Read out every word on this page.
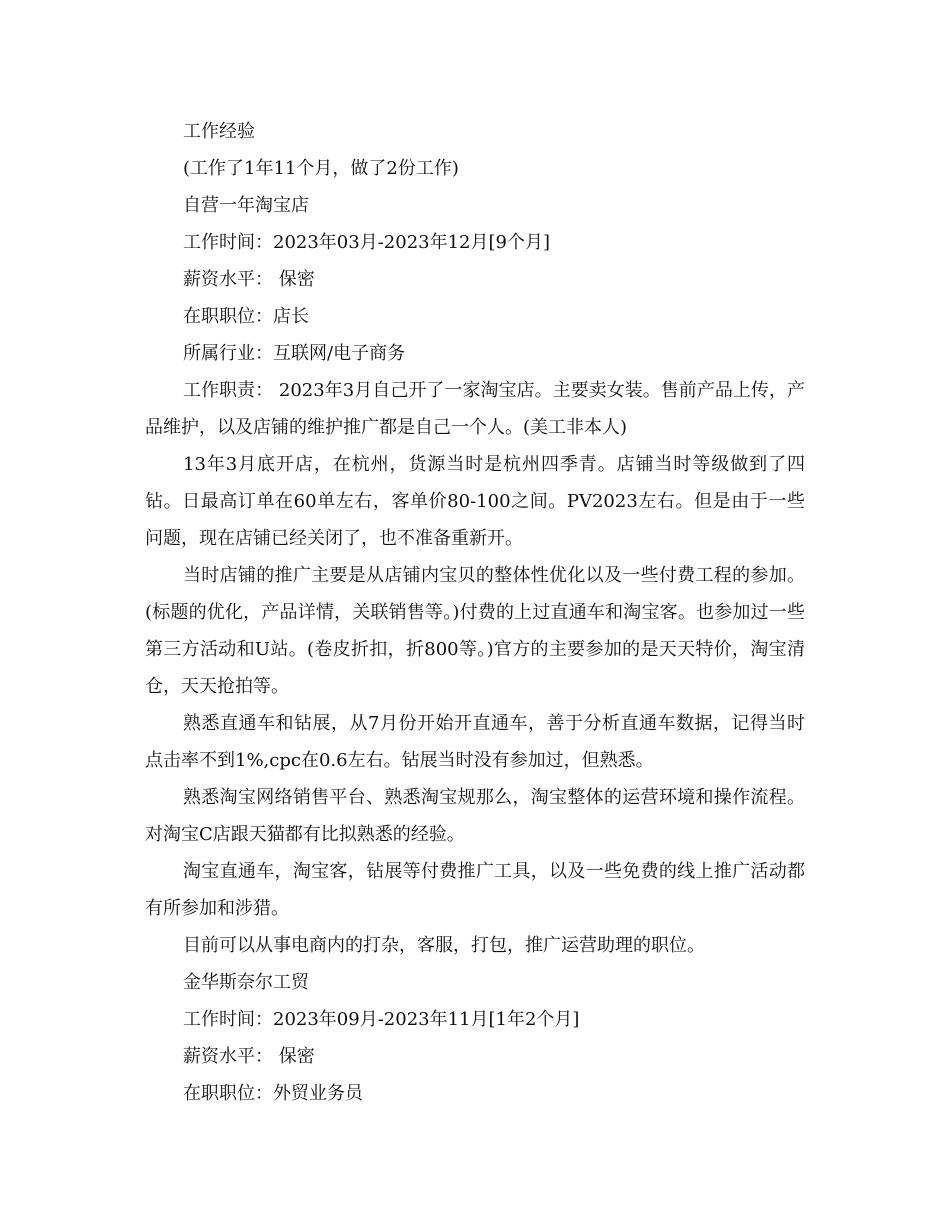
工作经验

(工作了1年11个月，做了2份工作)

自营一年淘宝店

工作时间：2023年03月-2023年12月[9个月]

薪资水平： 保密

在职职位：店长

所属行业：互联网/电子商务

工作职责： 2023年3月自己开了一家淘宝店。主要卖女装。售前产品上传，产品维护，以及店铺的维护推广都是自己一个人。(美工非本人)

13年3月底开店，在杭州，货源当时是杭州四季青。店铺当时等级做到了四钻。日最高订单在60单左右，客单价80-100之间。PV2023左右。但是由于一些问题，现在店铺已经关闭了，也不准备重新开。

当时店铺的推广主要是从店铺内宝贝的整体性优化以及一些付费工程的参加。(标题的优化，产品详情，关联销售等。)付费的上过直通车和淘宝客。也参加过一些第三方活动和U站。(卷皮折扣，折800等。)官方的主要参加的是天天特价，淘宝清仓，天天抢拍等。

熟悉直通车和钻展，从7月份开始开直通车，善于分析直通车数据，记得当时点击率不到1%,cpc在0.6左右。钻展当时没有参加过，但熟悉。

熟悉淘宝网络销售平台、熟悉淘宝规那么，淘宝整体的运营环境和操作流程。对淘宝C店跟天猫都有比拟熟悉的经验。

淘宝直通车，淘宝客，钻展等付费推广工具，以及一些免费的线上推广活动都有所参加和涉猎。

目前可以从事电商内的打杂，客服，打包，推广运营助理的职位。

金华斯奈尔工贸

工作时间：2023年09月-2023年11月[1年2个月]

薪资水平： 保密

在职职位：外贸业务员
